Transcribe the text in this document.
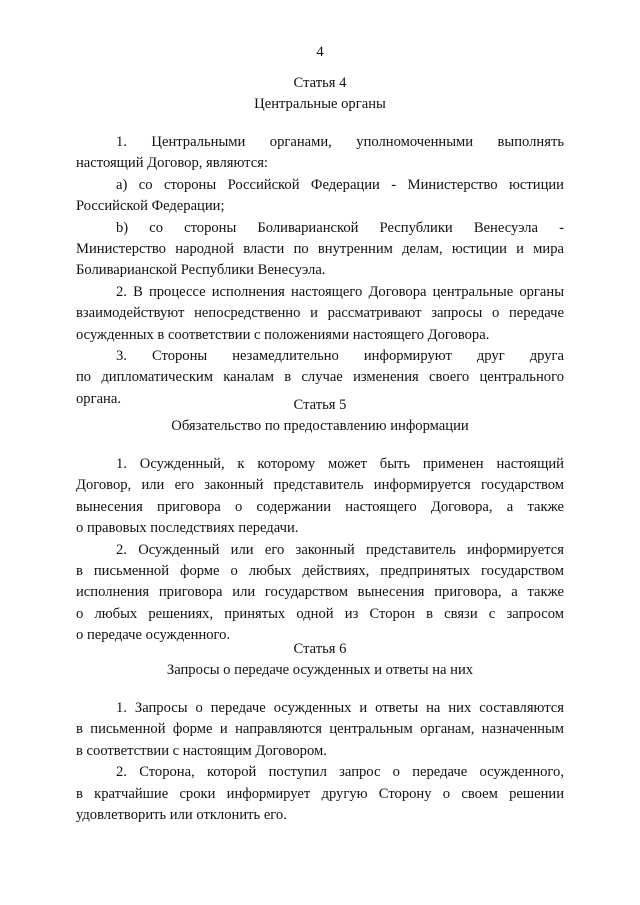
4
Статья 4
Центральные органы
1. Центральными органами, уполномоченными выполнять
настоящий Договор, являются:
а) со стороны Российской Федерации - Министерство юстиции
Российской Федерации;
b) со стороны Боливарианской Республики Венесуэла -
Министерство народной власти по внутренним делам, юстиции и мира
Боливарианской Республики Венесуэла.
2. В процессе исполнения настоящего Договора центральные органы
взаимодействуют непосредственно и рассматривают запросы о передаче
осужденных в соответствии с положениями настоящего Договора.
3. Стороны незамедлительно информируют друг друга
по дипломатическим каналам в случае изменения своего центрального
органа.	Статья 5
Обязательство по предоставлению информации
1. Осужденный, к которому может быть применен настоящий
Договор, или его законный представитель информируется государством
вынесения приговора о содержании настоящего Договора, а также
о правовых последствиях передачи.
2. Осужденный или его законный представитель информируется
в письменной форме о любых действиях, предпринятых государством
исполнения приговора или государством вынесения приговора, а также
о любых решениях, принятых одной из Сторон в связи с запросом
о передаче осужденного.
Статья 6
Запросы о передаче осужденных и ответы на них
1. Запросы о передаче осужденных и ответы на них составляются
в письменной форме и направляются центральным органам, назначенным
в соответствии с настоящим Договором.
2. Сторона, которой поступил запрос о передаче осужденного,
в кратчайшие сроки информирует другую Сторону о своем решении
удовлетворить или отклонить его.
